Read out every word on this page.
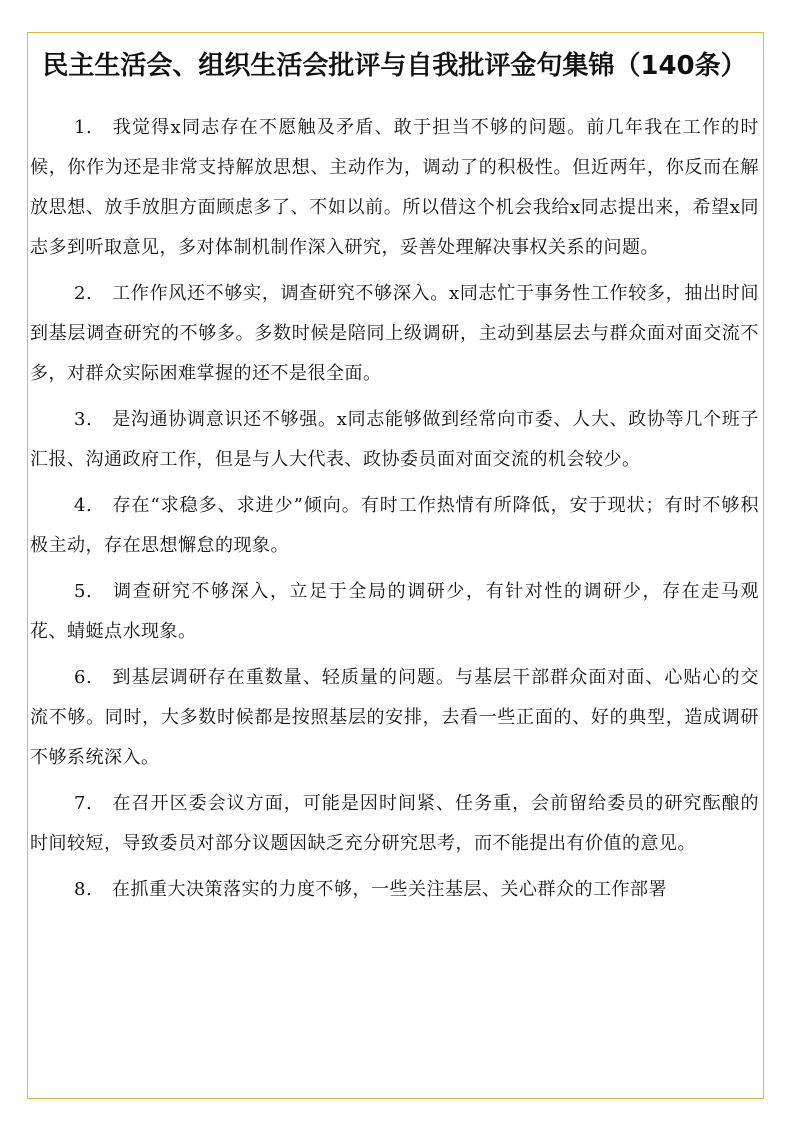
民主生活会、组织生活会批评与自我批评金句集锦（140条）

1. 我觉得x同志存在不愿触及矛盾、敢于担当不够的问题。前几年我在工作的时候，你作为还是非常支持解放思想、主动作为，调动了的积极性。但近两年，你反而在解放思想、放手放胆方面顾虑多了、不如以前。所以借这个机会我给x同志提出来，希望x同志多到听取意见，多对体制机制作深入研究，妥善处理解决事权关系的问题。

2. 工作作风还不够实，调查研究不够深入。x同志忙于事务性工作较多，抽出时间到基层调查研究的不够多。多数时候是陪同上级调研，主动到基层去与群众面对面交流不多，对群众实际困难掌握的还不是很全面。

3. 是沟通协调意识还不够强。x同志能够做到经常向市委、人大、政协等几个班子汇报、沟通政府工作，但是与人大代表、政协委员面对面交流的机会较少。

4. 存在“求稳多、求进少”倾向。有时工作热情有所降低，安于现状；有时不够积极主动，存在思想懈怠的现象。

5. 调查研究不够深入，立足于全局的调研少，有针对性的调研少，存在走马观花、蜻蜓点水现象。

6. 到基层调研存在重数量、轻质量的问题。与基层干部群众面对面、心贴心的交流不够。同时，大多数时候都是按照基层的安排，去看一些正面的、好的典型，造成调研不够系统深入。

7. 在召开区委会议方面，可能是因时间紧、任务重，会前留给委员的研究酝酿的时间较短，导致委员对部分议题因缺乏充分研究思考，而不能提出有价值的意见。

8. 在抓重大决策落实的力度不够，一些关注基层、关心群众的工作部署
